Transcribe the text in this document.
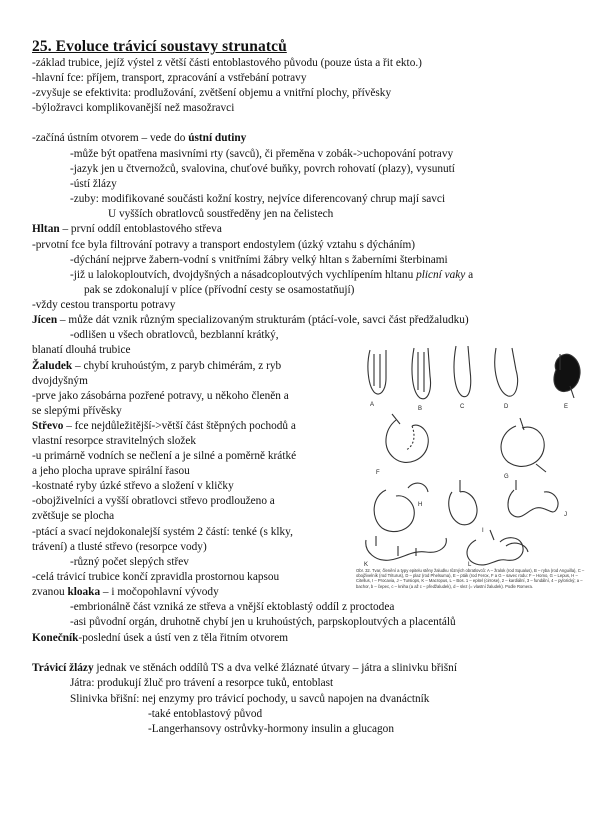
25. Evoluce trávicí soustavy strunatců
-základ trubice, jejíž výstel z větší části entoblastového původu (pouze ústa a řit ekto.)
-hlavní fce: příjem, transport, zpracování a vstřebání potravy
-zvyšuje se efektivita: prodlužování, zvětšení objemu a vnitřní plochy, přívěsky
-býložravci komplikovanější než masožravci
-začíná ústním otvorem – vede do ústní dutiny
-může být opatřena masivními rty (savců), či přeměna v zobák->uchopování potravy
-jazyk jen u čtvernožců, svalovina, chuťové buňky, povrch rohovatí (plazy), vysunutí
-ústí žlázy
-zuby: modifikované součásti kožní kostry, nejvíce diferencovaný chrup mají savci
U vyšších obratlovců soustředěny jen na čelistech
Hltan – první oddíl entoblastového střeva
-prvotní fce byla filtrování potravy a transport endostylem (úzký vztahu s dýcháním)
-dýchání nejprve žabern-vodní s vnitřními žábry velký hltan s žaberními šterbinami
-již u lalokoploutvích, dvojdyšných a násadcoploutvých vychlípením hltanu plicní vaky a
pak se zdokonalují v plíce (přívodní cesty se osamostatňují)
-vždy cestou transportu potravy
Jícen – může dát vznik různým specializovaným strukturám (ptácí-vole, savci část předžaludku)
-odlišen u všech obratlovců, bezblanní krátký,
blanatí dlouhá trubice
Žaludek – chybí kruhoústým, z paryb chimérám, z ryb
dvojdyšným
-prve jako zásobárna pozřené potravy, u někoho členěn a
se slepými přívěsky
Střevo – fce nejdůležitější->větší část štěpných pochodů a
vlastní resorpce stravitelných složek
-u primárně vodních se nečlení a je silné a poměrně krátké
a jeho plocha uprave spirální řasou
-kostnaté ryby úzké střevo a složení v kličky
-obojživelníci a vyšší obratlovci střevo prodlouženo a
zvětšuje se plocha
-ptácí a svací nejdokonalejší systém 2 částí: tenké (s klky,
trávení) a tlusté střevo (resorpce vody)
-různý počet slepých střev
-celá trávicí trubice končí zpravidla prostornou kapsou
zvanou kloaka – i močopohlavní vývody
-embrionálně část vzniká ze střeva a vnější ektoblastý oddíl z proctodea
-asi původní orgán, druhotně chybí jen u kruhoústých, parpskoploutvých a placentálů
Konečník-poslední úsek a ústí ven z těla řitním otvorem
Trávicí žlázy jednak ve stěnách oddílů TS a dva velké žláznaté útvary – játra a slinivku břišní
Játra: produkují žluč pro trávení a resorpce tuků, entoblast
Slinivka břišní: nej enzymy pro trávicí pochody, u savců napojen na dvanáctník
-také entoblastový původ
-Langerhansovy ostrůvky-hormony insulin a glucagon
A
B	C	D	E
F
G
H
I
J
K	L
Obr. 32. Tvar, členění a typy epitelu stěny žaludku různých obratlovců: A – žralok (rod Squalus), B – ryba (rod Anguilla), C – obojživelník (rod Triturus), D – plaz (rod Phelsuma), E – pták (rod Ferox, F a G – savec rodu: F – Homo, G – Lepus, H – Citellus, I – Procavia, J – Tursiops, K – Macropus, L – Bos. 1 – epitel (cirrose), 2 – kardiální, 3 – fundální, 4 – pylorický; a – bachor, b – čepec, c – kniha (a až c – předžaludek), d – slez (= vlastní žaludek). Podle Romera.
